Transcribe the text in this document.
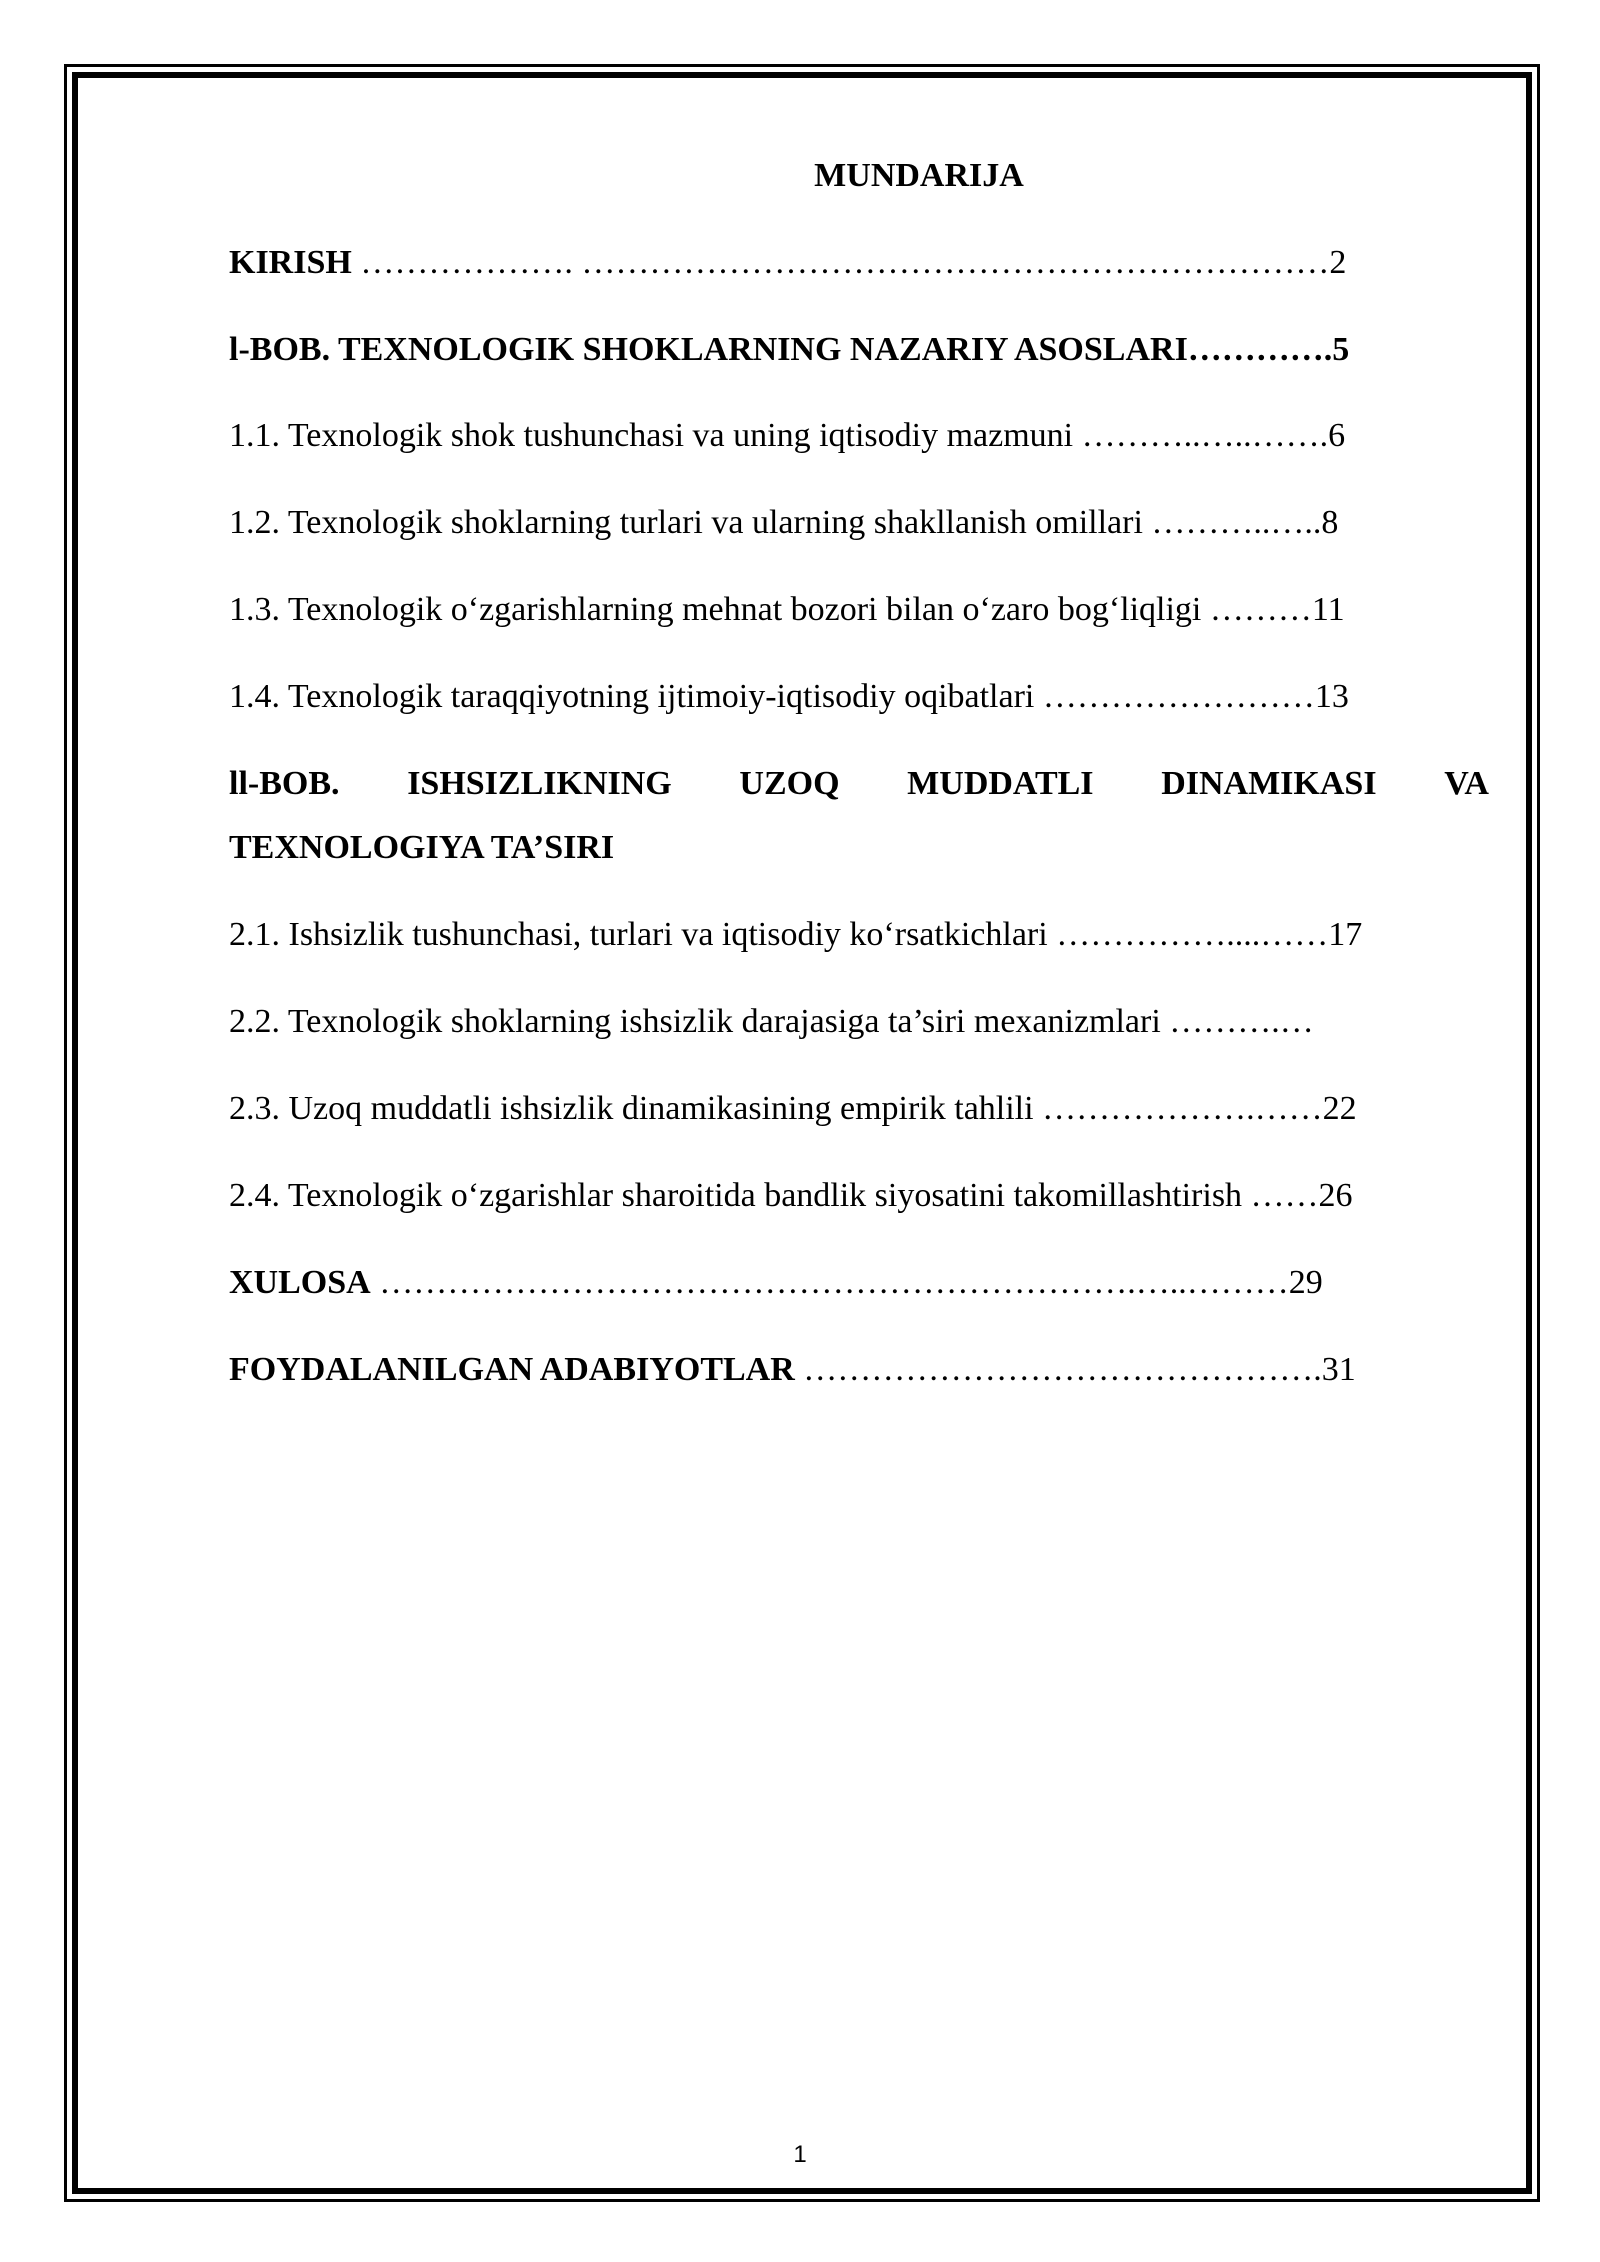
MUNDARIJA
KIRISH ………………. …………………………………………………………2
l-BOB. TEXNOLOGIK SHOKLARNING NAZARIY ASOSLARI………….5
1.1. Texnologik shok tushunchasi va uning iqtisodiy mazmuni ………..…..…….6
1.2. Texnologik shoklarning turlari va ularning shakllanish omillari ………..…..8
1.3. Texnologik o‘zgarishlarning mehnat bozori bilan o‘zaro bog‘liqligi ………11
1.4. Texnologik taraqqiyotning ijtimoiy-iqtisodiy oqibatlari ……………………13
ll-BOB. ISHSIZLIKNING UZOQ MUDDATLI DINAMIKASI VA
TEXNOLOGIYA TA’SIRI
2.1. Ishsizlik tushunchasi, turlari va iqtisodiy ko‘rsatkichlari ……………....……17
2.2. Texnologik shoklarning ishsizlik darajasiga ta’siri mexanizmlari ……….…
2.3. Uzoq muddatli ishsizlik dinamikasining empirik tahlili ……………….……22
2.4. Texnologik o‘zgarishlar sharoitida bandlik siyosatini takomillashtirish ……26
XULOSA ………………………………………………………….…..………29
FOYDALANILGAN ADABIYOTLAR ……………………………………….31
1
